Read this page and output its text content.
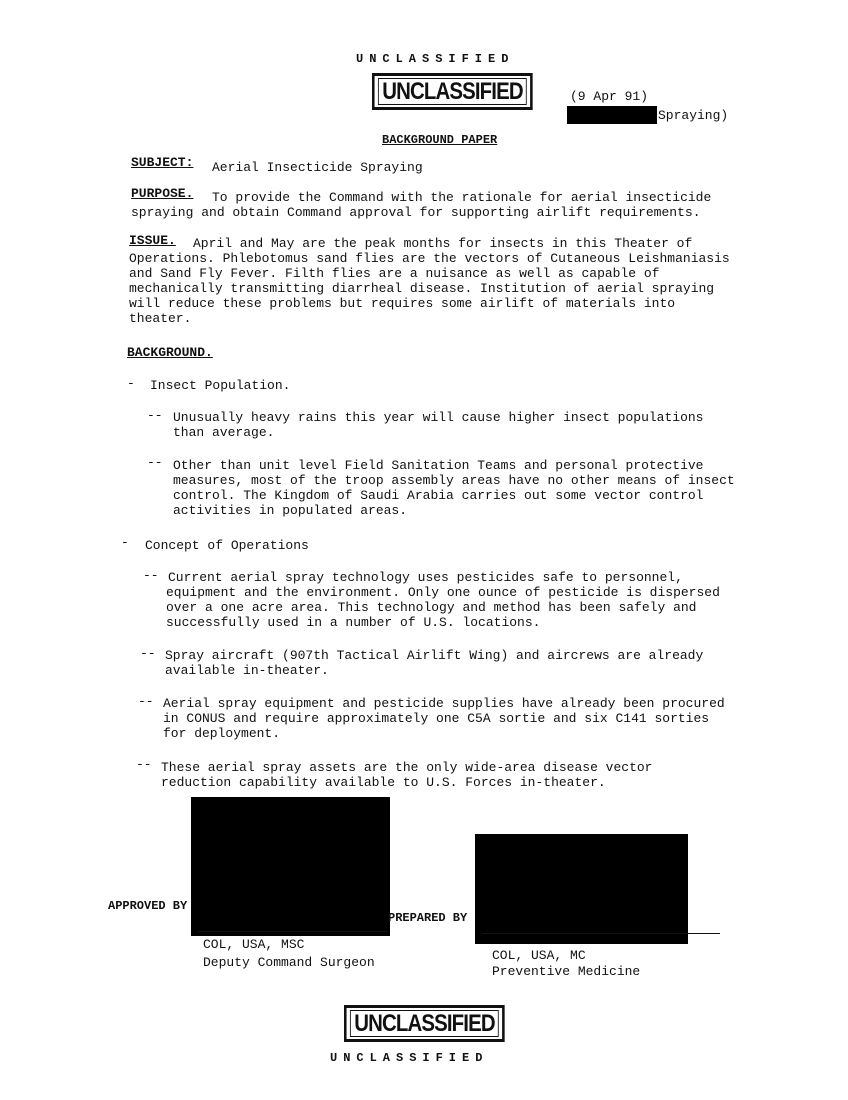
UNCLASSIFIED
UNCLASSIFIED	(9 Apr 91)
Spraying)
BACKGROUND PAPER
SUBJECT: Aerial Insecticide Spraying
PURPOSE. To provide the Command with the rationale for aerial insecticide
spraying and obtain Command approval for supporting airlift requirements.
ISSUE. April and May are the peak months for insects in this Theater of
Operations. Phlebotomus sand flies are the vectors of Cutaneous Leishmaniasis
and Sand Fly Fever. Filth flies are a nuisance as well as capable of
mechanically transmitting diarrheal disease. Institution of aerial spraying
will reduce these problems but requires some airlift of materials into
theater.
BACKGROUND.
- Insect Population.
-- Unusually heavy rains this year will cause higher insect populations
than average.
-- Other than unit level Field Sanitation Teams and personal protective
measures, most of the troop assembly areas have no other means of insect
control. The Kingdom of Saudi Arabia carries out some vector control
activities in populated areas.
- Concept of Operations
-- Current aerial spray technology uses pesticides safe to personnel,
equipment and the environment. Only one ounce of pesticide is dispersed
over a one acre area. This technology and method has been safely and
successfully used in a number of U.S. locations.
-- Spray aircraft (907th Tactical Airlift Wing) and aircrews are already
available in-theater.
-- Aerial spray equipment and pesticide supplies have already been procured
in CONUS and require approximately one C5A sortie and six C141 sorties
for deployment.
-- These aerial spray assets are the only wide-area disease vector
reduction capability available to U.S. Forces in-theater.
APPROVED BY
COL, USA, MSC
Deputy Command Surgeon
PREPARED BY
COL, USA, MC
Preventive Medicine
UNCLASSIFIED
UNCLASSIFIED
